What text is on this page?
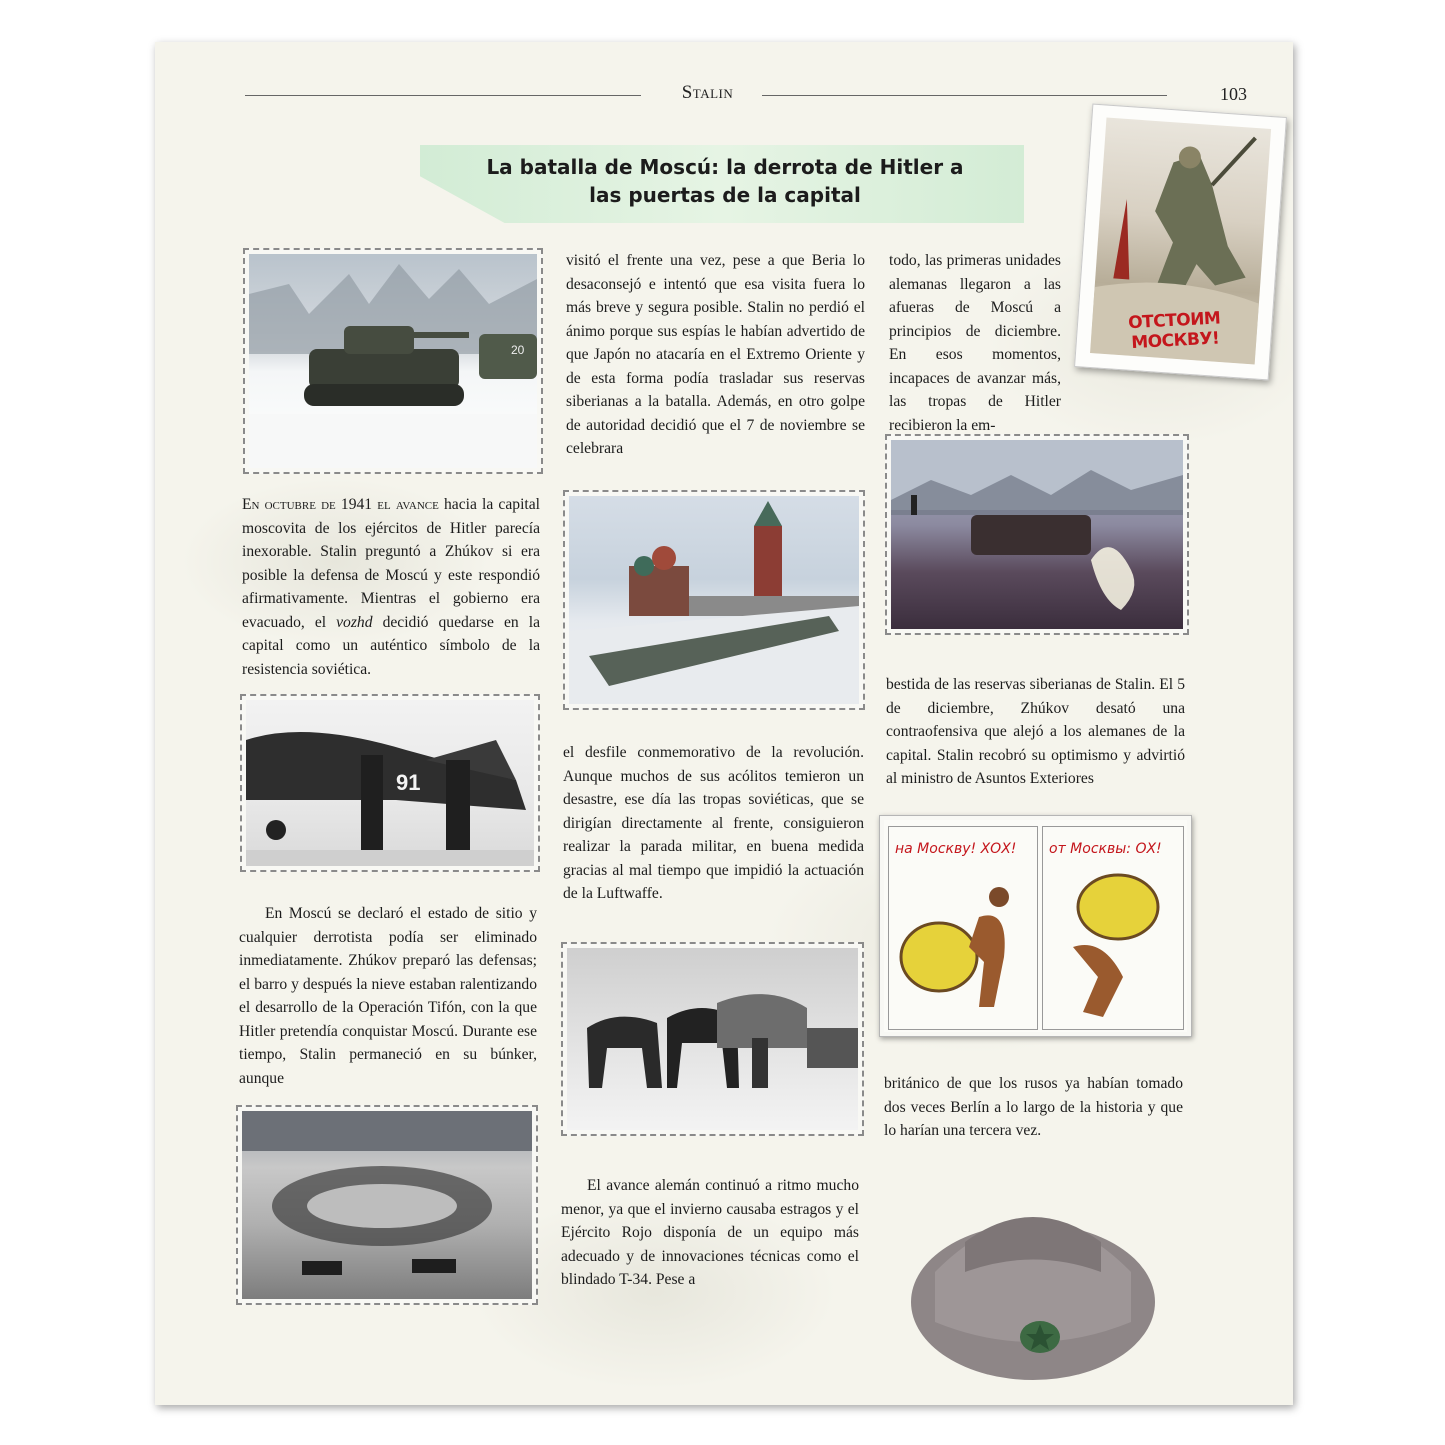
Stalin	103
La batalla de Moscú: la derrota de Hitler a
las puertas de la capital
ОТСТОИМ МОСКВУ!
20

En octubre de 1941 el avance hacia la capital moscovita de los ejércitos de Hitler parecía inexorable. Stalin preguntó a Zhúkov si era posible la defensa de Moscú y este respondió afirmativamente. Mientras el gobierno era evacuado, el vozhd decidió quedarse en la capital como un auténtico símbolo de la resistencia soviética.

91

En Moscú se declaró el estado de sitio y cualquier derrotista podía ser eliminado inmediatamente. Zhúkov preparó las defensas; el barro y después la nieve estaban ralentizando el desarrollo de la Operación Tifón, con la que Hitler pretendía conquistar Moscú. Durante ese tiempo, Stalin permaneció en su búnker, aunque

visitó el frente una vez, pese a que Beria lo desaconsejó e intentó que esa visita fuera lo más breve y segura posible. Stalin no perdió el ánimo porque sus espías le habían advertido de que Japón no atacaría en el Extremo Oriente y de esta forma podía trasladar sus reservas siberianas a la batalla. Además, en otro golpe de autoridad decidió que el 7 de noviembre se celebrara

el desfile conmemorativo de la revolución. Aunque muchos de sus acólitos temieron un desastre, ese día las tropas soviéticas, que se dirigían directamente al frente, consiguieron realizar la parada militar, en buena medida gracias al mal tiempo que impidió la actuación de la Luftwaffe.

El avance alemán continuó a ritmo mucho menor, ya que el invierno causaba estragos y el Ejército Rojo disponía de un equipo más adecuado y de innovaciones técnicas como el blindado T-34. Pese a

todo, las primeras unidades alemanas llegaron a las afueras de Moscú a principios de diciembre. En esos momentos, incapaces de avanzar más, las tropas de Hitler recibieron la em-

bestida de las reservas siberianas de Stalin. El 5 de diciembre, Zhúkov desató una contraofensiva que alejó a los alemanes de la capital. Stalin recobró su optimismo y advirtió al ministro de Asuntos Exteriores

на Москву! ХОХ! от Москвы: ОХ!

británico de que los rusos ya habían tomado dos veces Berlín a lo largo de la historia y que lo harían una tercera vez.
